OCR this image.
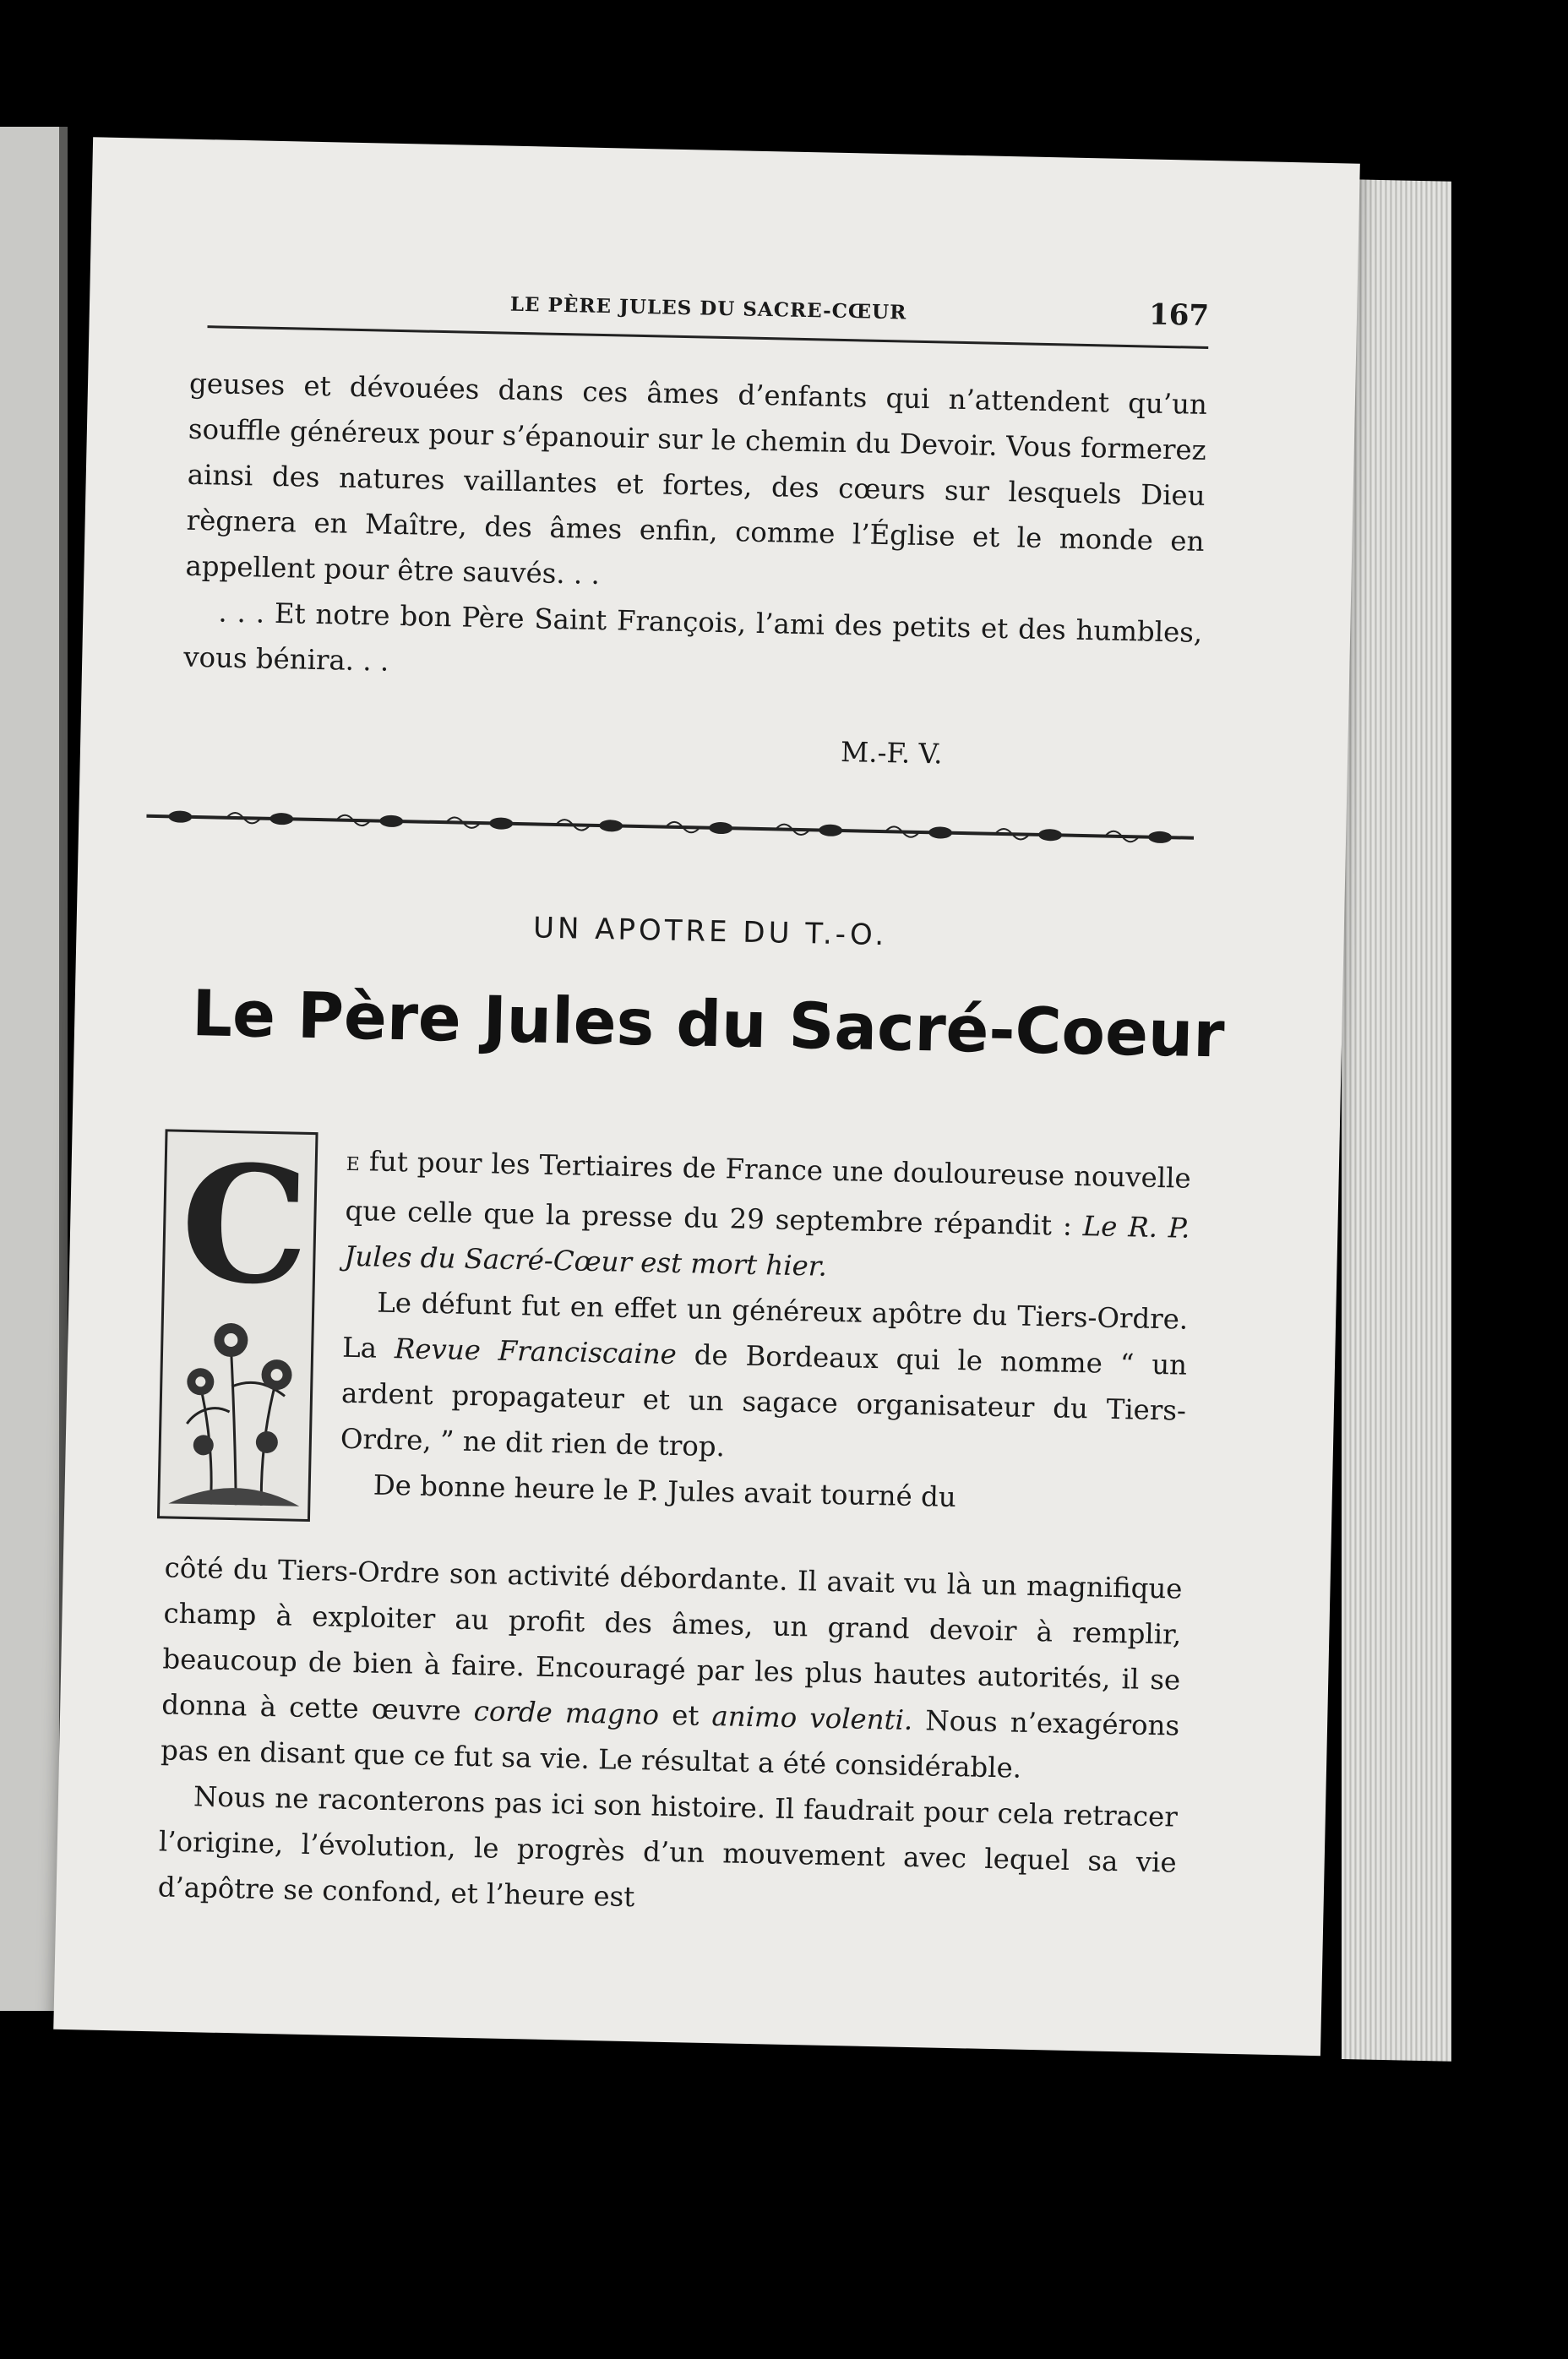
LE PÈRE JULES DU SACRE-CŒUR	167

geuses et dévouées dans ces âmes d’enfants qui n’attendent qu’un souffle généreux pour s’épanouir sur le chemin du Devoir. Vous formerez ainsi des natures vaillantes et fortes, des cœurs sur lesquels Dieu règnera en Maître, des âmes enfin, comme l’Église et le monde en appellent pour être sauvés. . .

. . . Et notre bon Père Saint François, l’ami des petits et des humbles, vous bénira. . .

M.-F. V.
UN APOTRE DU T.-O.
Le Père Jules du Sacré-Coeur
C E fut pour les Tertiaires de France une douloureuse nouvelle que celle que la presse du 29 septembre répandit : Le R. P. Jules du Sacré-Cœur est mort hier.

Le défunt fut en effet un généreux apôtre du Tiers-Ordre. La Revue Franciscaine de Bordeaux qui le nomme “ un ardent propagateur et un sagace organisateur du Tiers-Ordre, ” ne dit rien de trop.

De bonne heure le P. Jules avait tourné du

côté du Tiers-Ordre son activité débordante. Il avait vu là un magnifique champ à exploiter au profit des âmes, un grand devoir à remplir, beaucoup de bien à faire. Encouragé par les plus hautes autorités, il se donna à cette œuvre corde magno et animo volenti. Nous n’exagérons pas en disant que ce fut sa vie. Le résultat a été considérable.

Nous ne raconterons pas ici son histoire. Il faudrait pour cela retracer l’origine, l’évolution, le progrès d’un mouvement avec lequel sa vie d’apôtre se confond, et l’heure est
